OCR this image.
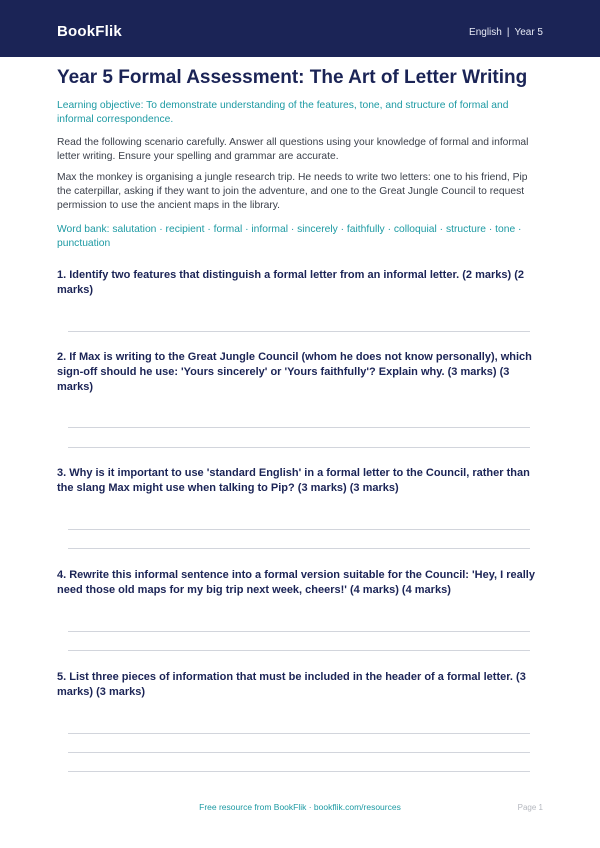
BookFlik	English | Year 5
Year 5 Formal Assessment: The Art of Letter Writing

Learning objective: To demonstrate understanding of the features, tone, and structure of formal and informal correspondence.

Read the following scenario carefully. Answer all questions using your knowledge of formal and informal letter writing. Ensure your spelling and grammar are accurate.

Max the monkey is organising a jungle research trip. He needs to write two letters: one to his friend, Pip the caterpillar, asking if they want to join the adventure, and one to the Great Jungle Council to request permission to use the ancient maps in the library.

Word bank: salutation · recipient · formal · informal · sincerely · faithfully · colloquial · structure · tone · punctuation

1. Identify two features that distinguish a formal letter from an informal letter. (2 marks) (2 marks)
2. If Max is writing to the Great Jungle Council (whom he does not know personally), which sign-off should he use: 'Yours sincerely' or 'Yours faithfully'? Explain why. (3 marks) (3 marks)
3. Why is it important to use 'standard English' in a formal letter to the Council, rather than the slang Max might use when talking to Pip? (3 marks) (3 marks)
4. Rewrite this informal sentence into a formal version suitable for the Council: 'Hey, I really need those old maps for my big trip next week, cheers!' (4 marks) (4 marks)
5. List three pieces of information that must be included in the header of a formal letter. (3 marks) (3 marks)
Free resource from BookFlik · bookflik.com/resources	Page 1
